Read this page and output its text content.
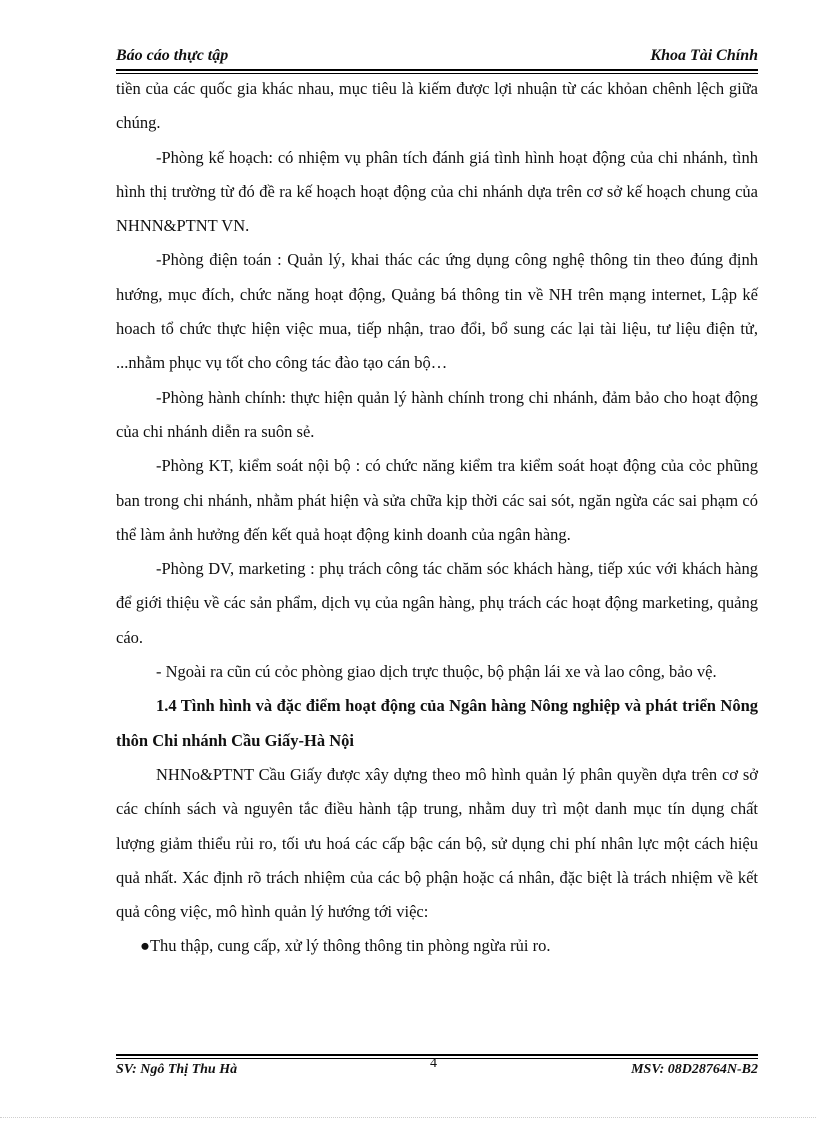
Báo cáo thực tập	Khoa Tài Chính

tiền của các quốc gia khác nhau, mục tiêu là kiếm được lợi nhuận từ các khỏan chênh lệch giữa chúng.

-Phòng kế hoạch: có nhiệm vụ phân tích đánh giá tình hình hoạt động của chi nhánh, tình hình thị trường từ đó đề ra kế hoạch hoạt động của chi nhánh dựa trên cơ sở kế hoạch chung của NHNN&PTNT VN.

-Phòng điện toán : Quản lý, khai thác các ứng dụng công nghệ thông tin theo đúng định hướng, mục đích, chức năng hoạt động, Quảng bá thông tin về NH trên mạng internet, Lập kế hoach tổ chức thực hiện việc mua, tiếp nhận, trao đổi, bổ sung các lại tài liệu, tư liệu điện tử, ...nhằm phục vụ tốt cho công tác đào tạo cán bộ…

-Phòng hành chính: thực hiện quản lý hành chính trong chi nhánh, đảm bảo cho hoạt động của chi nhánh diễn ra suôn sẻ.

-Phòng KT, kiểm soát nội bộ : có chức năng kiểm tra kiểm soát hoạt động của cỏc phũng ban trong chi nhánh, nhằm phát hiện và sửa chữa kịp thời các sai sót, ngăn ngừa các sai phạm có thể làm ảnh hưởng đến kết quả hoạt động kinh doanh của ngân hàng.

-Phòng DV, marketing : phụ trách công tác chăm sóc khách hàng, tiếp xúc với khách hàng để giới thiệu về các sản phẩm, dịch vụ của ngân hàng, phụ trách các hoạt động marketing, quảng cáo.

- Ngoài ra cũn cú cỏc phòng giao dịch trực thuộc, bộ phận lái xe và lao công, bảo vệ.

1.4 Tình hình và đặc điểm hoạt động của Ngân hàng Nông nghiệp và phát triển Nông thôn Chi nhánh Cầu Giấy-Hà Nội

NHNo&PTNT Cầu Giấy được xây dựng theo mô hình quản lý phân quyền dựa trên cơ sở các chính sách và nguyên tắc điều hành tập trung, nhằm duy trì một danh mục tín dụng chất lượng giảm thiểu rủi ro, tối ưu hoá các cấp bậc cán bộ, sử dụng chi phí nhân lực một cách hiệu quả nhất. Xác định rõ trách nhiệm của các bộ phận hoặc cá nhân, đặc biệt là trách nhiệm về kết quả công việc, mô hình quản lý hướng tới việc:

●Thu thập, cung cấp, xử lý thông thông tin phòng ngừa rủi ro.

SV: Ngô Thị Thu Hà	4	MSV: 08D28764N-B2
